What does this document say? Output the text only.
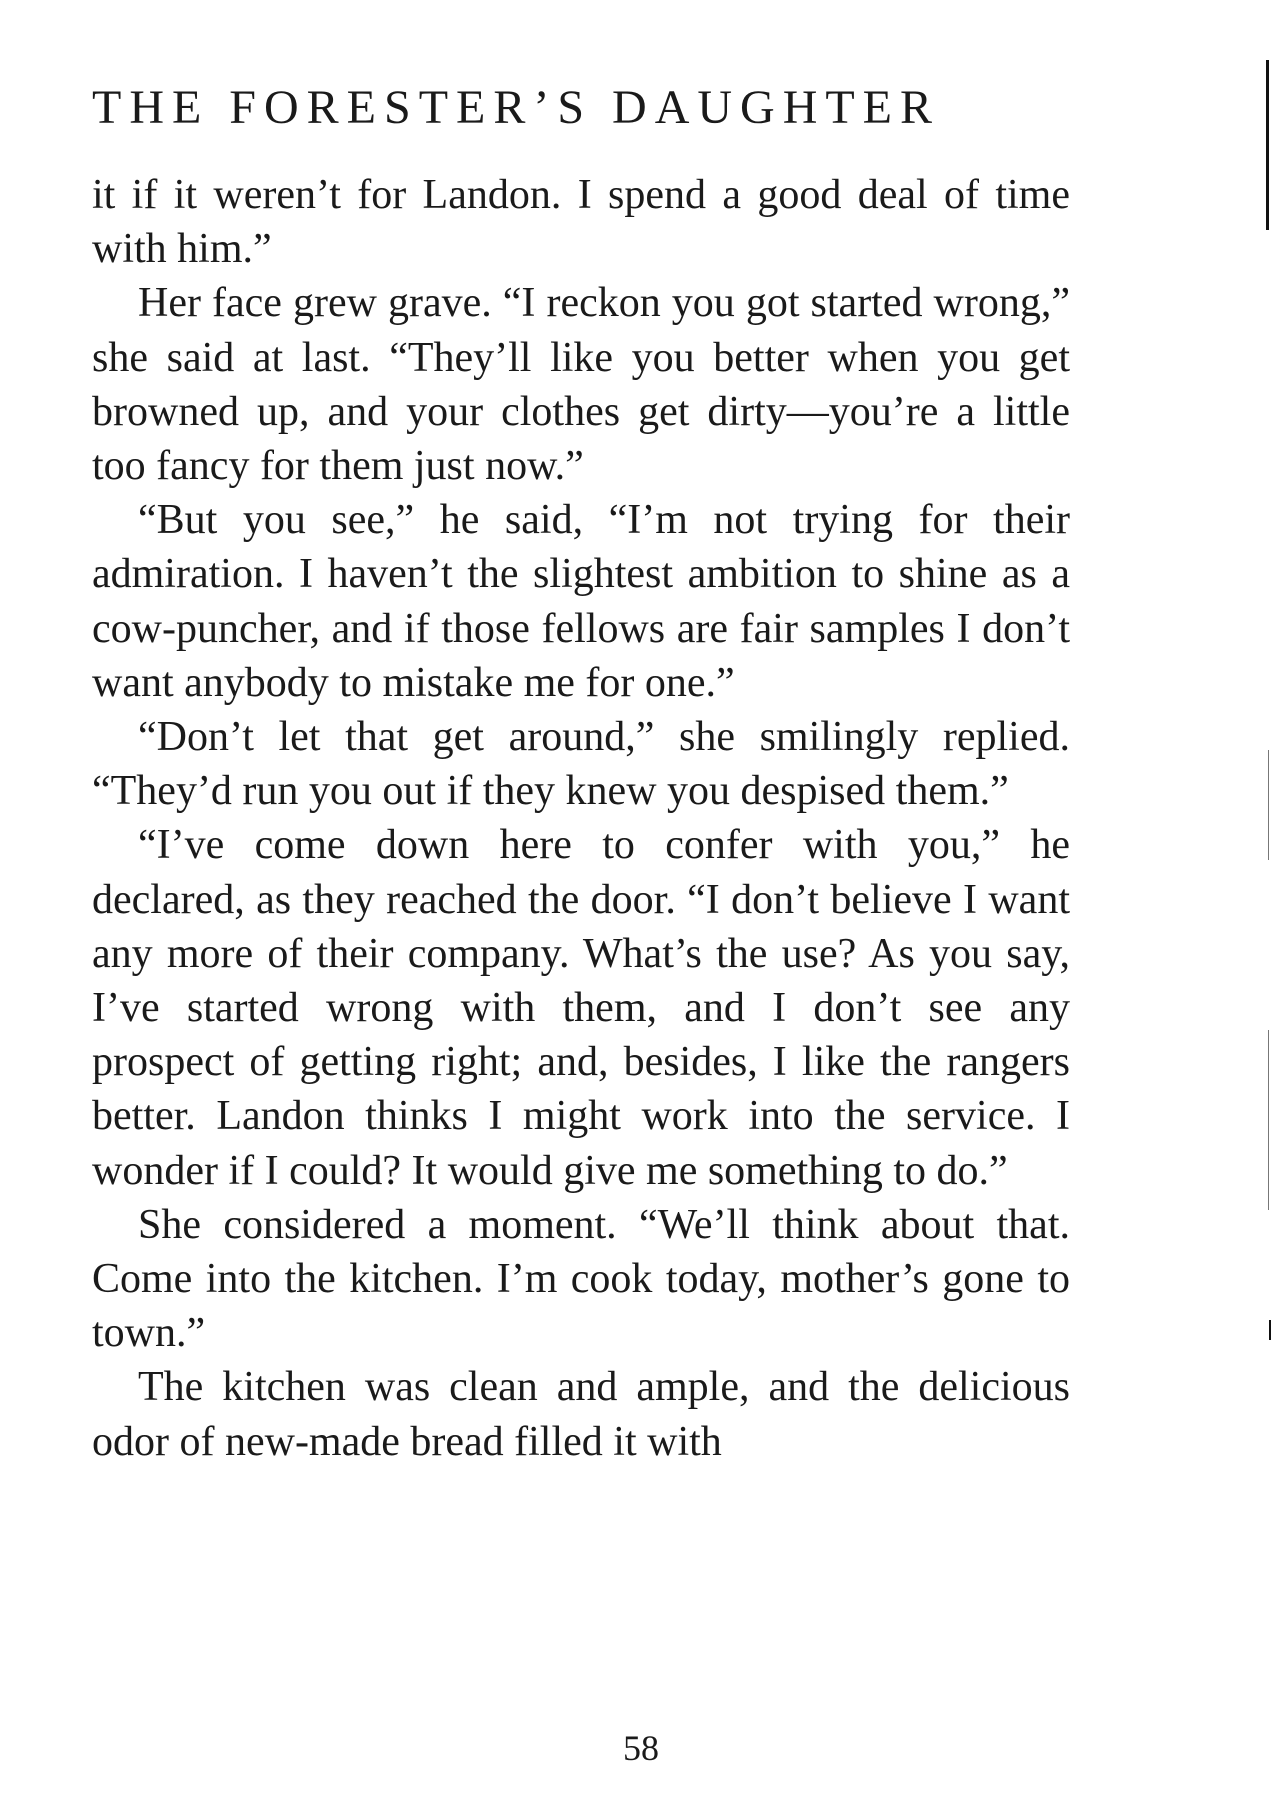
THE FORESTER’S DAUGHTER

it if it weren’t for Landon. I spend a good deal of time with him.”

Her face grew grave. “I reckon you got started wrong,” she said at last. “They’ll like you better when you get browned up, and your clothes get dirty—you’re a little too fancy for them just now.”

“But you see,” he said, “I’m not trying for their admiration. I haven’t the slightest ambition to shine as a cow-puncher, and if those fellows are fair samples I don’t want anybody to mistake me for one.”

“Don’t let that get around,” she smilingly replied. “They’d run you out if they knew you despised them.”

“I’ve come down here to confer with you,” he declared, as they reached the door. “I don’t believe I want any more of their company. What’s the use? As you say, I’ve started wrong with them, and I don’t see any prospect of getting right; and, besides, I like the rangers better. Landon thinks I might work into the service. I wonder if I could? It would give me something to do.”

She considered a moment. “We’ll think about that. Come into the kitchen. I’m cook today, mother’s gone to town.”

The kitchen was clean and ample, and the delicious odor of new-made bread filled it with

58
